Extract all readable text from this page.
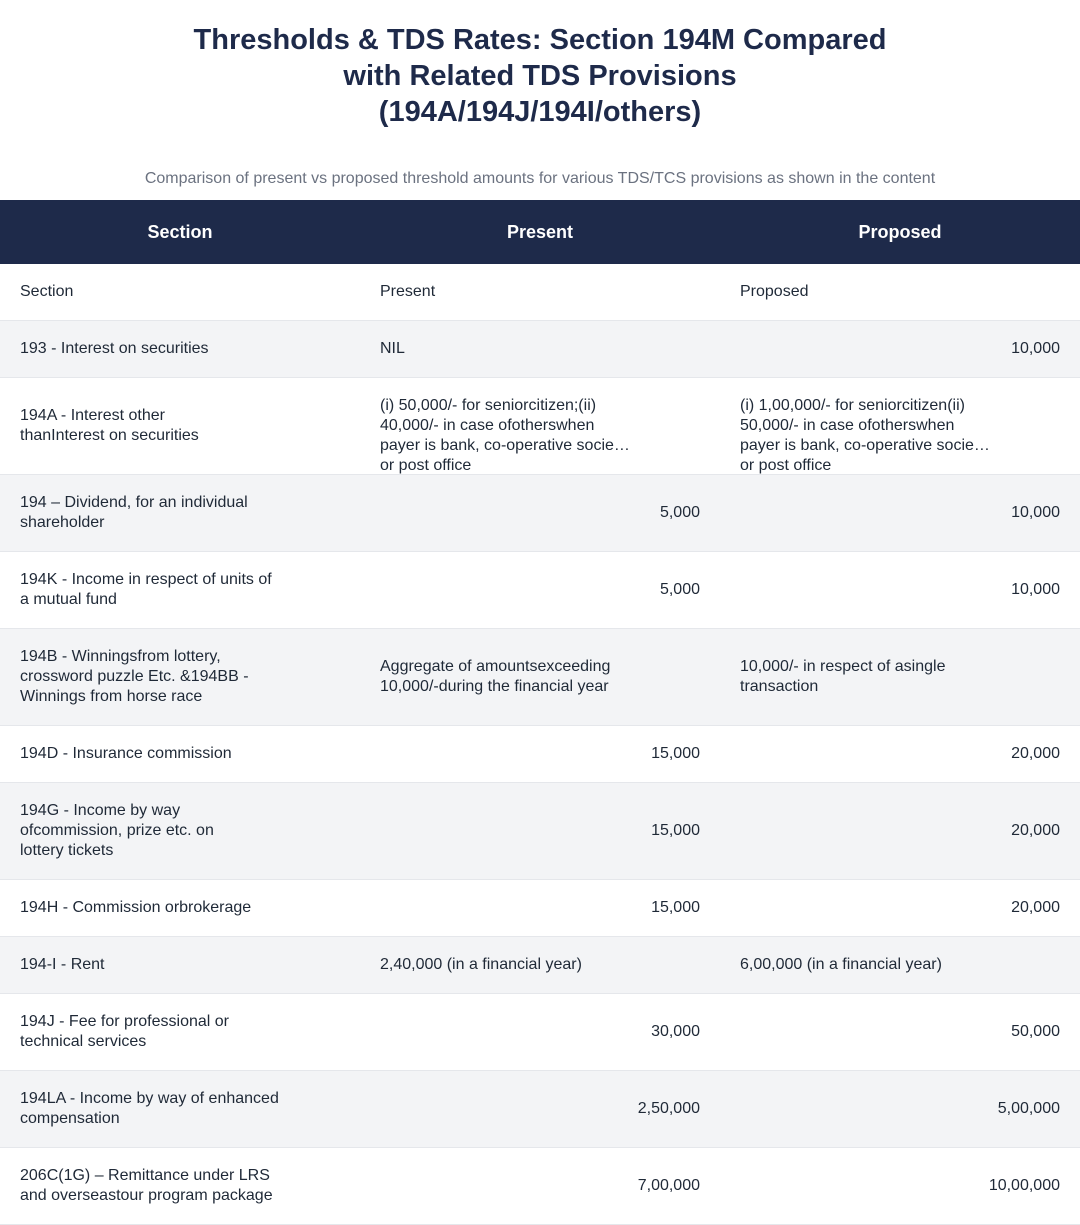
Thresholds & TDS Rates: Section 194M Compared
with Related TDS Provisions
(194A/194J/194I/others)

Comparison of present vs proposed threshold amounts for various TDS/TCS provisions as shown in the content

Section	Present	Proposed

Section	Present	Proposed

193 - Interest on securities	NIL	10,000

194A - Interest other thanInterest on securities	(i) 50,000/- for seniorcitizen;(ii) 40,000/- in case ofotherswhen payer is bank, co-operative society or post office	(i) 1,00,000/- for seniorcitizen(ii) 50,000/- in case ofotherswhen payer is bank, co-operative society or post office

194 – Dividend, for an individual shareholder	5,000	10,000

194K - Income in respect of units of a mutual fund	5,000	10,000

194B - Winningsfrom lottery, crossword puzzle Etc. &194BB - Winnings from horse race	Aggregate of amountsexceeding 10,000/-during the financial year	10,000/- in respect of asingle transaction

194D - Insurance commission	15,000	20,000

194G - Income by way ofcommission, prize etc. on lottery tickets	15,000	20,000

194H - Commission orbrokerage	15,000	20,000

194-I - Rent	2,40,000 (in a financial year)	6,00,000 (in a financial year)

194J - Fee for professional or technical services	30,000	50,000

194LA - Income by way of enhanced compensation	2,50,000	5,00,000

206C(1G) – Remittance under LRS and overseastour program package	7,00,000	10,00,000
